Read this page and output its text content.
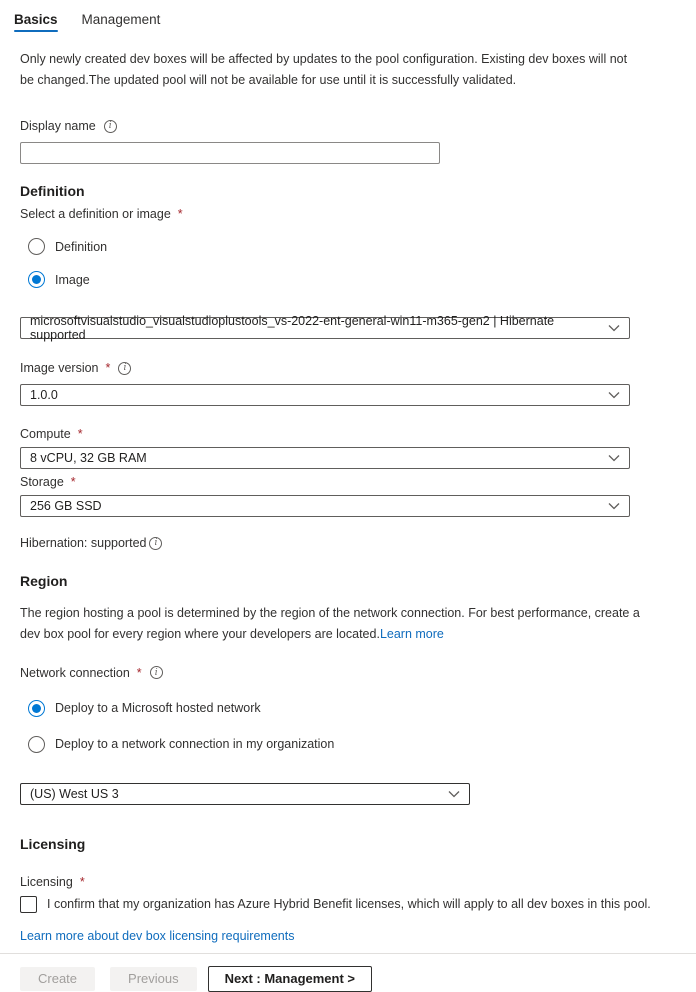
Basics Management

Only newly created dev boxes will be affected by updates to the pool configuration. Existing dev boxes will not be changed.The updated pool will not be available for use until it is successfully validated.

Display name	i
Definition
Select a definition or image *
Definition
Image
microsoftvisualstudio_visualstudioplustools_vs-2022-ent-general-win11-m365-gen2 | Hibernate supported
Image version *	i
1.0.0
Compute *
8 vCPU, 32 GB RAM
Storage *
256 GB SSD
Hibernation: supported i
Region

The region hosting a pool is determined by the region of the network connection. For best performance, create a dev box pool for every region where your developers are located.Learn more

Network connection *	i
Deploy to a Microsoft hosted network
Deploy to a network connection in my organization
(US) West US 3
Licensing
Licensing *
I confirm that my organization has Azure Hybrid Benefit licenses, which will apply to all dev boxes in this pool.
Learn more about dev box licensing requirements
Create	Previous	Next : Management >
